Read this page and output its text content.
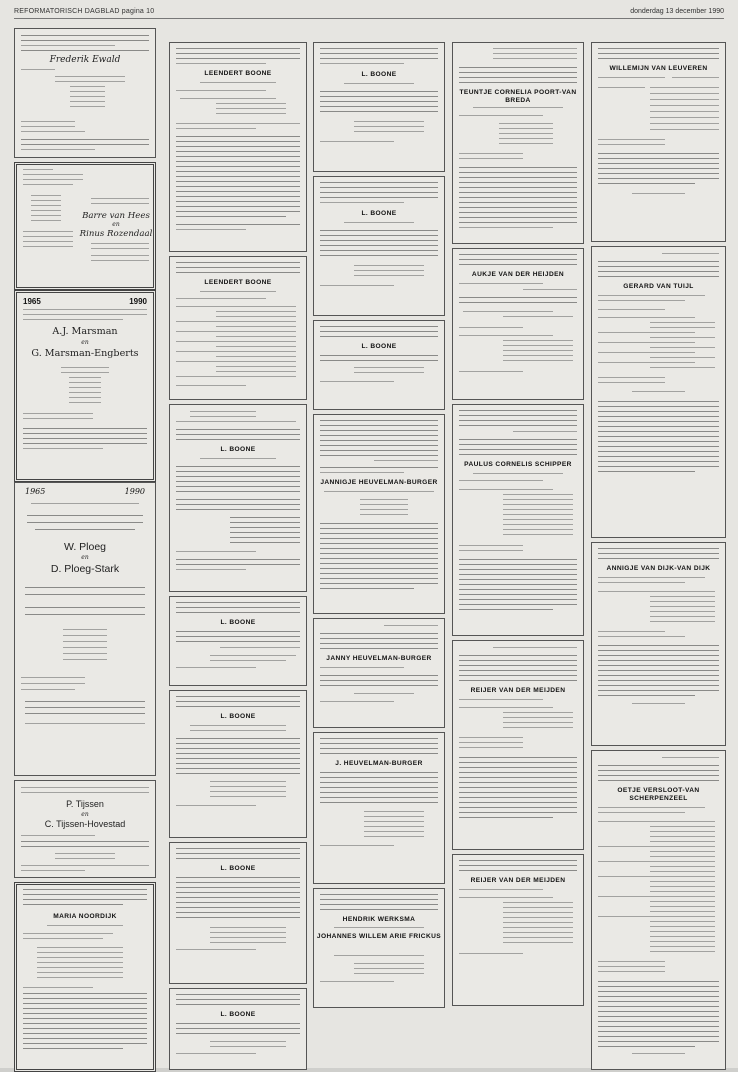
REFORMATORISCH DAGBLAD pagina 10	donderdag 13 december 1990
Frederik Ewald
Barre van Hees
en
Rinus Rozendaal
1965	1990
A.J. Marsman
en
G. Marsman-Engberts
1965	1990
W. Ploeg
en
D. Ploeg-Stark
P. Tijssen
en
C. Tijssen-Hovestad
MARIA NOORDIJK
LEENDERT BOONE
LEENDERT BOONE
L. BOONE
L. BOONE
L. BOONE
L. BOONE
L. BOONE
L. BOONE
L. BOONE
L. BOONE
JANNIGJE HEUVELMAN-BURGER
JANNY HEUVELMAN-BURGER
J. HEUVELMAN-BURGER
HENDRIK WERKSMA
JOHANNES WILLEM ARIE FRICKUS
TEUNTJE CORNELIA POORT-VAN BREDA
AUKJE VAN DER HEIJDEN
PAULUS CORNELIS SCHIPPER
REIJER VAN DER MEIJDEN
REIJER VAN DER MEIJDEN
WILLEMIJN VAN LEUVEREN
GERARD VAN TUIJL
ANNIGJE VAN DIJK-VAN DIJK
OETJE VERSLOOT-VAN SCHERPENZEEL
